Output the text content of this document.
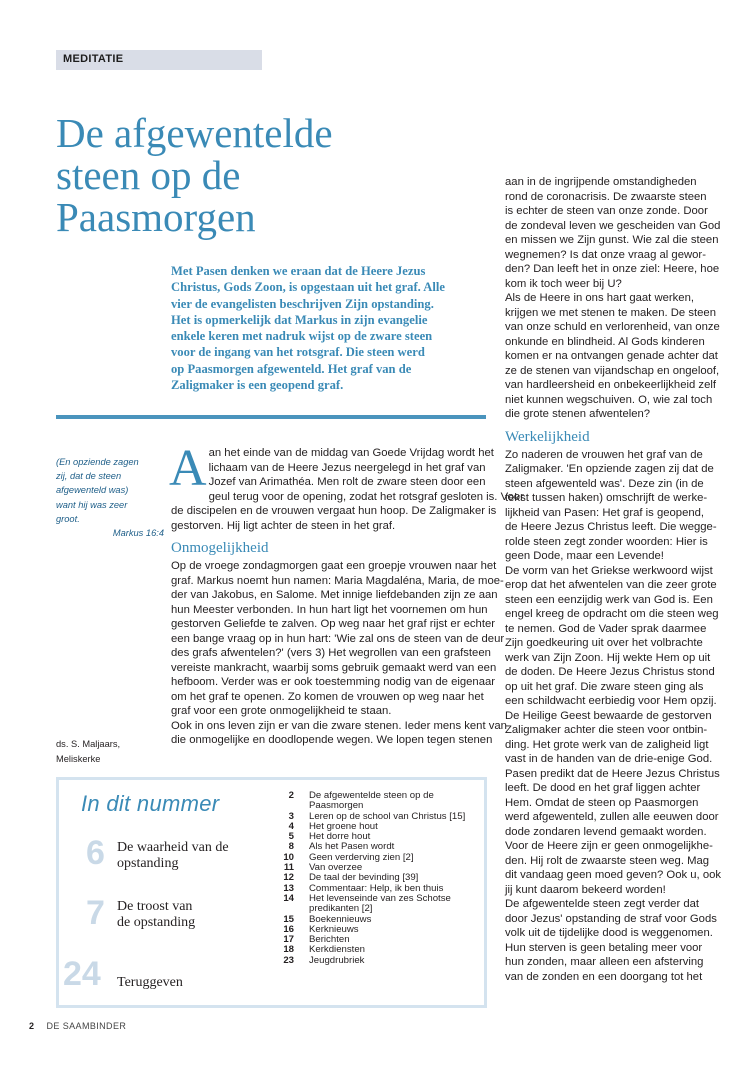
MEDITATIE
De afgewentelde
steen op de
Paasmorgen
Met Pasen denken we eraan dat de Heere Jezus
Christus, Gods Zoon, is opgestaan uit het graf. Alle
vier de evangelisten beschrijven Zijn opstanding.
Het is opmerkelijk dat Markus in zijn evangelie
enkele keren met nadruk wijst op de zware steen
voor de ingang van het rotsgraf. Die steen werd
op Paasmorgen afgewenteld. Het graf van de
Zaligmaker is een geopend graf.
(En opziende zagen
zij, dat de steen
afgewenteld was)
want hij was zeer
groot.
Markus 16:4
ds. S. Maljaars,
Meliskerke
A an het einde van de middag van Goede Vrijdag wordt het
lichaam van de Heere Jezus neergelegd in het graf van
Jozef van Arimathéa. Men rolt de zware steen door een
geul terug voor de opening, zodat het rotsgraf gesloten is. Voor
de discipelen en de vrouwen vergaat hun hoop. De Zaligmaker is
gestorven. Hij ligt achter de steen in het graf.
Onmogelijkheid
Op de vroege zondagmorgen gaat een groepje vrouwen naar het
graf. Markus noemt hun namen: Maria Magdaléna, Maria, de moe-
der van Jakobus, en Salome. Met innige liefdebanden zijn ze aan
hun Meester verbonden. In hun hart ligt het voornemen om hun
gestorven Geliefde te zalven. Op weg naar het graf rijst er echter
een bange vraag op in hun hart: 'Wie zal ons de steen van de deur
des grafs afwentelen?' (vers 3) Het wegrollen van een grafsteen
vereiste mankracht, waarbij soms gebruik gemaakt werd van een
hefboom. Verder was er ook toestemming nodig van de eigenaar
om het graf te openen. Zo komen de vrouwen op weg naar het
graf voor een grote onmogelijkheid te staan.
Ook in ons leven zijn er van die zware stenen. Ieder mens kent van
die onmogelijke en doodlopende wegen. We lopen tegen stenen
aan in de ingrijpende omstandigheden
rond de coronacrisis. De zwaarste steen
is echter de steen van onze zonde. Door
de zondeval leven we gescheiden van God
en missen we Zijn gunst. Wie zal die steen
wegnemen? Is dat onze vraag al gewor-
den? Dan leeft het in onze ziel: Heere, hoe
kom ik toch weer bij U?
Als de Heere in ons hart gaat werken,
krijgen we met stenen te maken. De steen
van onze schuld en verlorenheid, van onze
onkunde en blindheid. Al Gods kinderen
komen er na ontvangen genade achter dat
ze de stenen van vijandschap en ongeloof,
van hardleersheid en onbekeerlijkheid zelf
niet kunnen wegschuiven. O, wie zal toch
die grote stenen afwentelen?
Werkelijkheid
Zo naderen de vrouwen het graf van de
Zaligmaker. 'En opziende zagen zij dat de
steen afgewenteld was'. Deze zin (in de
tekst tussen haken) omschrijft de werke-
lijkheid van Pasen: Het graf is geopend,
de Heere Jezus Christus leeft. Die wegge-
rolde steen zegt zonder woorden: Hier is
geen Dode, maar een Levende!
De vorm van het Griekse werkwoord wijst
erop dat het afwentelen van die zeer grote
steen een eenzijdig werk van God is. Een
engel kreeg de opdracht om die steen weg
te nemen. God de Vader sprak daarmee
Zijn goedkeuring uit over het volbrachte
werk van Zijn Zoon. Hij wekte Hem op uit
de doden. De Heere Jezus Christus stond
op uit het graf. Die zware steen ging als
een schildwacht eerbiedig voor Hem opzij.
De Heilige Geest bewaarde de gestorven
Zaligmaker achter die steen voor ontbin-
ding. Het grote werk van de zaligheid ligt
vast in de handen van de drie-enige God.
Pasen predikt dat de Heere Jezus Christus
leeft. De dood en het graf liggen achter
Hem. Omdat de steen op Paasmorgen
werd afgewenteld, zullen alle eeuwen door
dode zondaren levend gemaakt worden.
Voor de Heere zijn er geen onmogelijkhe-
den. Hij rolt de zwaarste steen weg. Mag
dit vandaag geen moed geven? Ook u, ook
jij kunt daarom bekeerd worden!
De afgewentelde steen zegt verder dat
door Jezus' opstanding de straf voor Gods
volk uit de tijdelijke dood is weggenomen.
Hun sterven is geen betaling meer voor
hun zonden, maar alleen een afsterving
van de zonden en een doorgang tot het
In dit nummer
6 De waarheid van de
opstanding
7 De troost van
de opstanding
24 Teruggeven
2 De afgewentelde steen op de
Paasmorgen
3 Leren op de school van Christus [15]
4 Het groene hout
5 Het dorre hout
8 Als het Pasen wordt
10 Geen verderving zien [2]
11 Van overzee
12 De taal der bevinding [39]
13 Commentaar: Help, ik ben thuis
14 Het levenseinde van zes Schotse
predikanten [2]
15 Boekennieuws
16 Kerknieuws
17 Berichten
18 Kerkdiensten
23 Jeugdrubriek
2 DE SAAMBINDER
